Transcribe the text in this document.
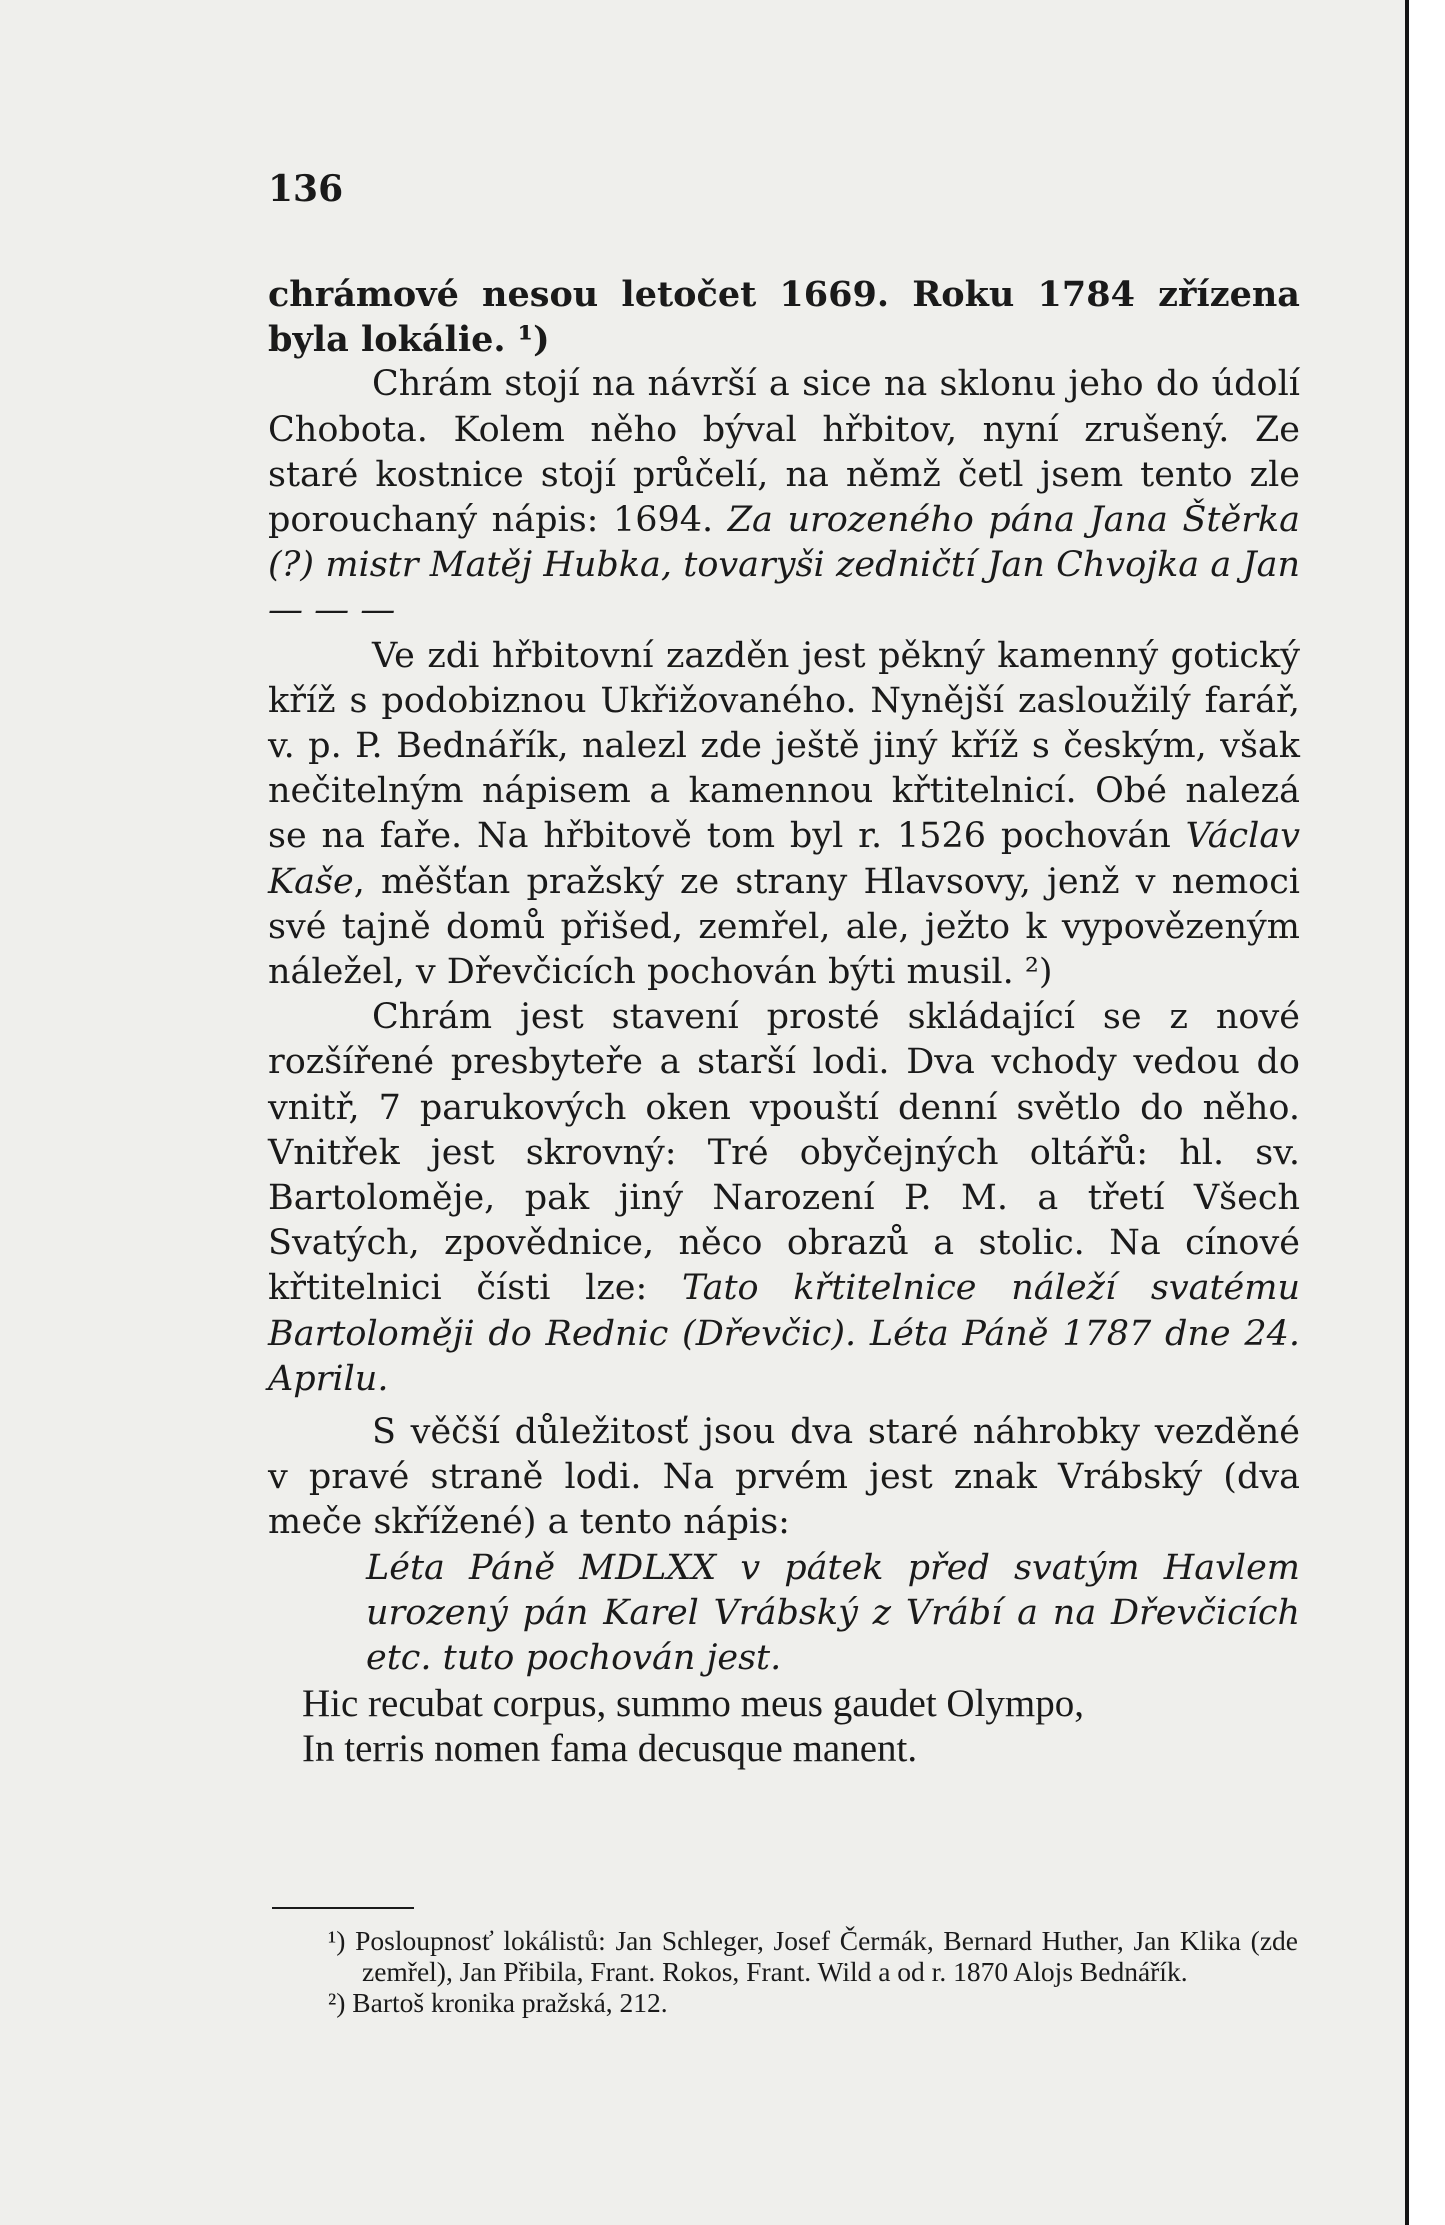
136

chrámové nesou letočet 1669. Roku 1784 zřízena byla lokálie. ¹)

Chrám stojí na návrší a sice na sklonu jeho do údolí Chobota. Kolem něho býval hřbitov, nyní zrušený. Ze staré kostnice stojí průčelí, na němž četl jsem tento zle porouchaný nápis: 1694. Za urozeného pána Jana Štěrka (?) mistr Matěj Hubka, tovaryši zedničtí Jan Chvojka a Jan — — —

Ve zdi hřbitovní zazděn jest pěkný kamenný gotický kříž s podobiznou Ukřižovaného. Nynější zasloužilý farář, v. p. P. Bednářík, nalezl zde ještě jiný kříž s českým, však nečitelným nápisem a kamennou křtitelnicí. Obé nalezá se na faře. Na hřbitově tom byl r. 1526 pochován Václav Kaše, měšťan pražský ze strany Hlavsovy, jenž v nemoci své tajně domů přišed, zemřel, ale, ježto k vypovězeným náležel, v Dřevčicích pochován býti musil. ²)

Chrám jest stavení prosté skládající se z nové rozšířené presbyteře a starší lodi. Dva vchody vedou do vnitř, 7 parukových oken vpouští denní světlo do něho. Vnitřek jest skrovný: Tré obyčejných oltářů: hl. sv. Bartoloměje, pak jiný Narození P. M. a třetí Všech Svatých, zpovědnice, něco obrazů a stolic. Na cínové křtitelnici čísti lze: Tato křtitelnice náleží svatému Bartoloměji do Rednic (Dřevčic). Léta Páně 1787 dne 24. Aprilu.

S věčší důležitosť jsou dva staré náhrobky vezděné v pravé straně lodi. Na prvém jest znak Vrábský (dva meče skřížené) a tento nápis:

Léta Páně MDLXX v pátek před svatým Havlem urozený pán Karel Vrábský z Vrábí a na Dřevčicích etc. tuto pochován jest.

Hic recubat corpus, summo meus gaudet Olympo,

In terris nomen fama decusque manent.

¹) Posloupnosť lokálistů: Jan Schleger, Josef Čermák, Bernard Huther, Jan Klika (zde zemřel), Jan Přibila, Frant. Rokos, Frant. Wild a od r. 1870 Alojs Bednářík.

²) Bartoš kronika pražská, 212.
